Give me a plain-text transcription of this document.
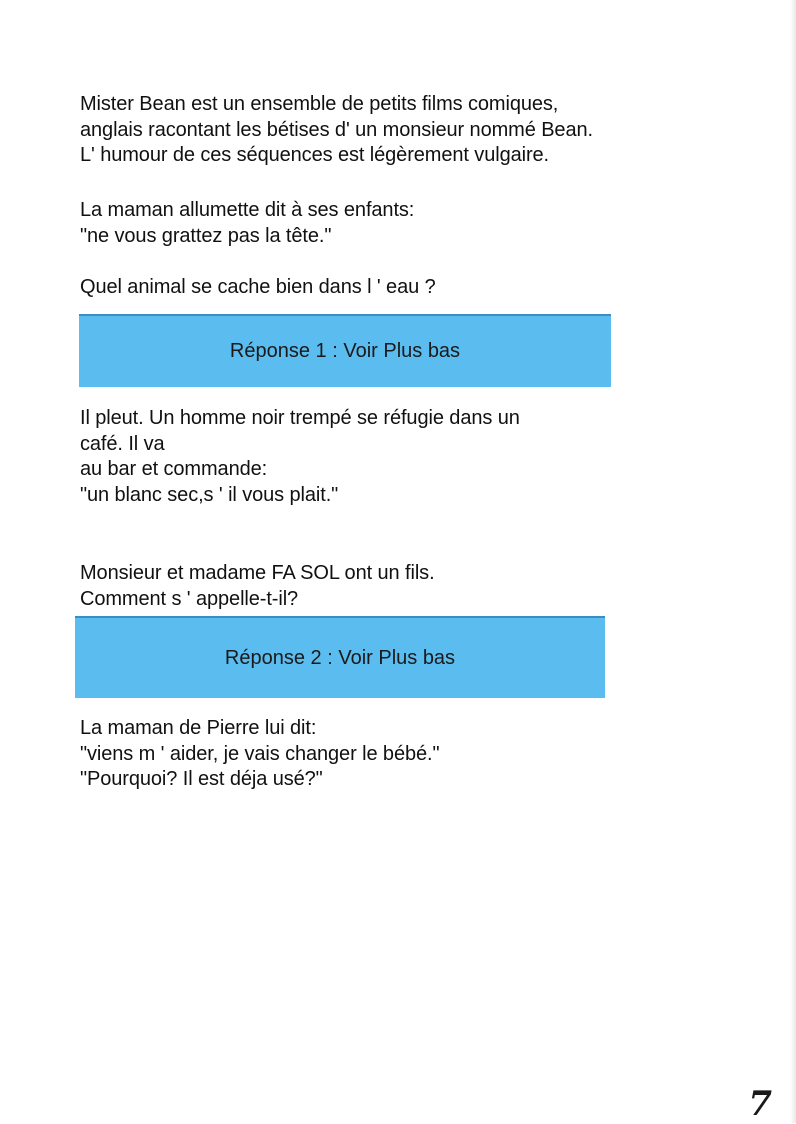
Mister Bean est un ensemble de petits films comiques,
anglais racontant les bétises d' un monsieur nommé Bean.
L' humour de ces séquences est légèrement vulgaire.
La maman allumette dit à ses enfants:
"ne vous grattez pas la tête."
Quel animal se cache bien dans l ' eau ?
Réponse 1 : Voir Plus bas
Il pleut. Un homme noir trempé se réfugie dans un
café. Il va
au bar et commande:
"un blanc sec,s ' il vous plait."
Monsieur et madame FA SOL ont un fils.
Comment s ' appelle-t-il?
Réponse 2 : Voir Plus bas
La maman de Pierre lui dit:
"viens m ' aider, je vais changer le bébé."
"Pourquoi? Il est déja usé?"
7
